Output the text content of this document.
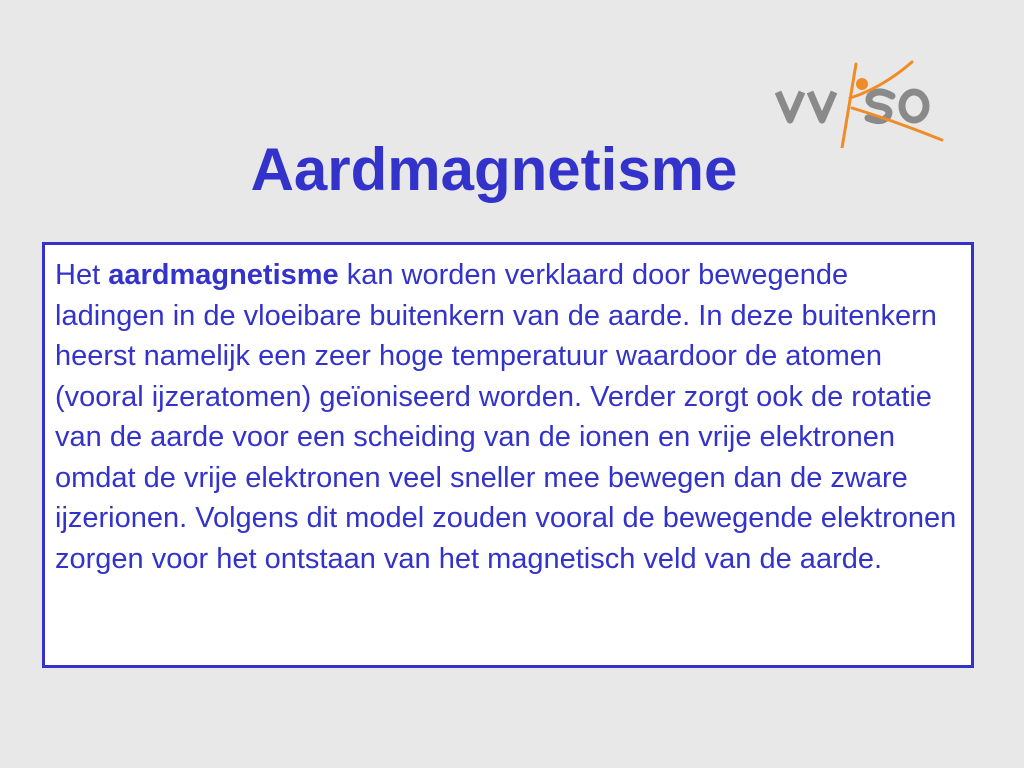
Aardmagnetisme

Het aardmagnetisme kan worden verklaard door bewegende ladingen in de vloeibare buitenkern van de aarde. In deze buitenkern heerst namelijk een zeer hoge temperatuur waardoor de atomen (vooral ijzeratomen) geïoniseerd worden. Verder zorgt ook de rotatie van de aarde voor een scheiding van de ionen en vrije elektronen omdat de vrije elektronen veel sneller mee bewegen dan de zware ijzerionen. Volgens dit model zouden vooral de bewegende elektronen zorgen voor het ontstaan van het magnetisch veld van de aarde.
